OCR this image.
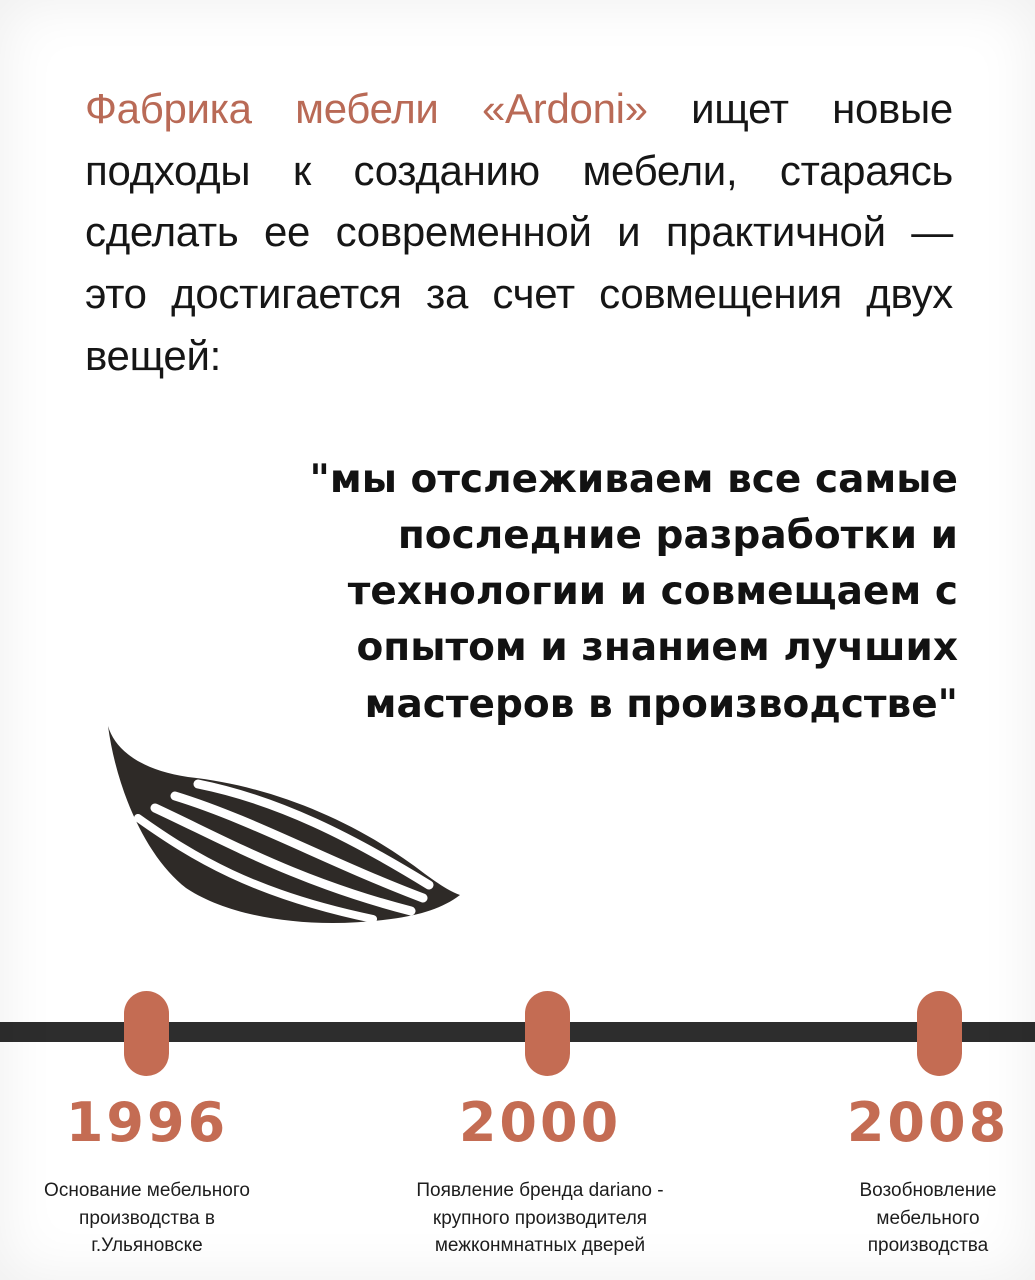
Фабрика мебели «Ardoni» ищет новые подходы к созданию мебели, стараясь сделать ее современной и практичной — это достигается за счет совмещения двух вещей:

"мы отслеживаем все самые последние разработки и технологии и совмещаем с опытом и знанием лучших мастеров в производстве"
1996
Основание мебельного производства в г.Ульяновске
2000
Появление бренда dariano - крупного производителя межконмнатных дверей
2008
Возобновление мебельного производства
